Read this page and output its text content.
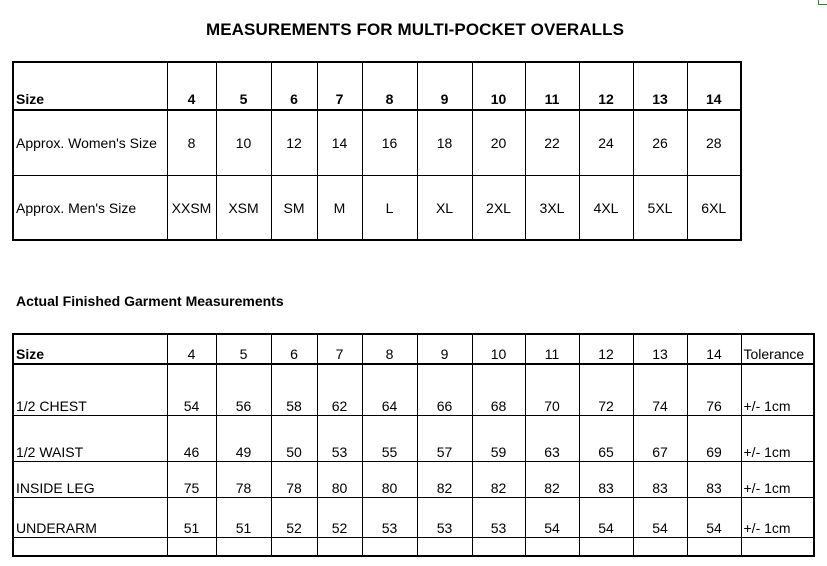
MEASUREMENTS FOR MULTI-POCKET OVERALLS
Size	4	5	6	7	8	9	10	11	12	13	14
Approx. Women's Size	8	10	12	14	16	18	20	22	24	26	28
Approx. Men's Size	XXSM	XSM	SM	M	L	XL	2XL	3XL	4XL	5XL	6XL
Actual Finished Garment Measurements
Size	4	5	6	7	8	9	10	11	12	13	14	Tolerance
1/2 CHEST	54	56	58	62	64	66	68	70	72	74	76	+/- 1cm
1/2 WAIST	46	49	50	53	55	57	59	63	65	67	69	+/- 1cm
INSIDE LEG	75	78	78	80	80	82	82	82	83	83	83	+/- 1cm
UNDERARM	51	51	52	52	53	53	53	54	54	54	54	+/- 1cm
